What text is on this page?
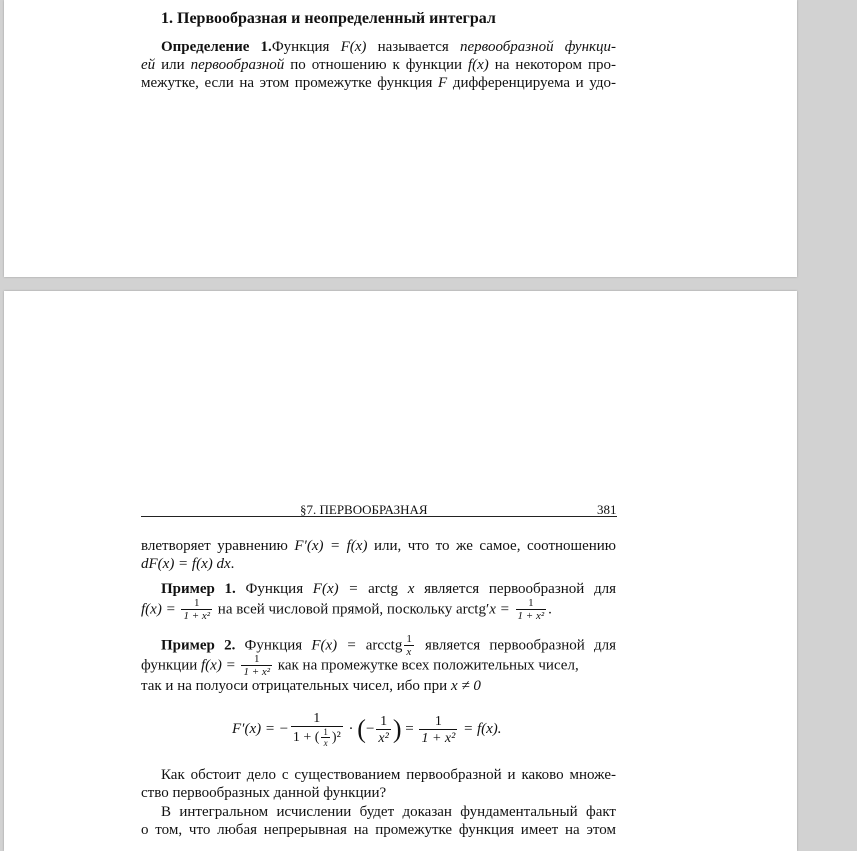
1. Первообразная и неопределенный интеграл
Определение 1.Функция F(x) называется первообразной функци-
ей или первообразной по отношению к функции f(x) на некотором про-
межутке, если на этом промежутке функция F дифференцируема и удо-
§7. ПЕРВООБРАЗНАЯ	381
влетворяет уравнению F′(x) = f(x) или, что то же самое, соотношению
dF(x) = f(x) dx.
Пример 1. Функция F(x) = arctg x является первообразной для
$f(x) = \frac{1}{\text{1 + x²}}$ на всей числовой прямой, поскольку arctg′x = $\frac{1}{\text{1 + x²}}$ .
Пример 2. Функция F(x) = arcctg $\frac{1}{x}$ является первообразной для
функции $f(x) = \frac{1}{\text{1 + x²}}$ как на промежутке всех положительных чисел,
так и на полуоси отрицательных чисел, ибо при x ≠ 0
F′(x) = − $\frac{1}{1 + ( \frac{1}{x} )^2}$ · (− $\frac{1}{\text{x²}}$ ) = $\frac{1}{\text{1 + x²}} = f(x)$.
Как обстоит дело с существованием первообразной и каково множе-
ство первообразных данной функции?
В интегральном исчислении будет доказан фундаментальный факт
о том, что любая непрерывная на промежутке функция имеет на этом
